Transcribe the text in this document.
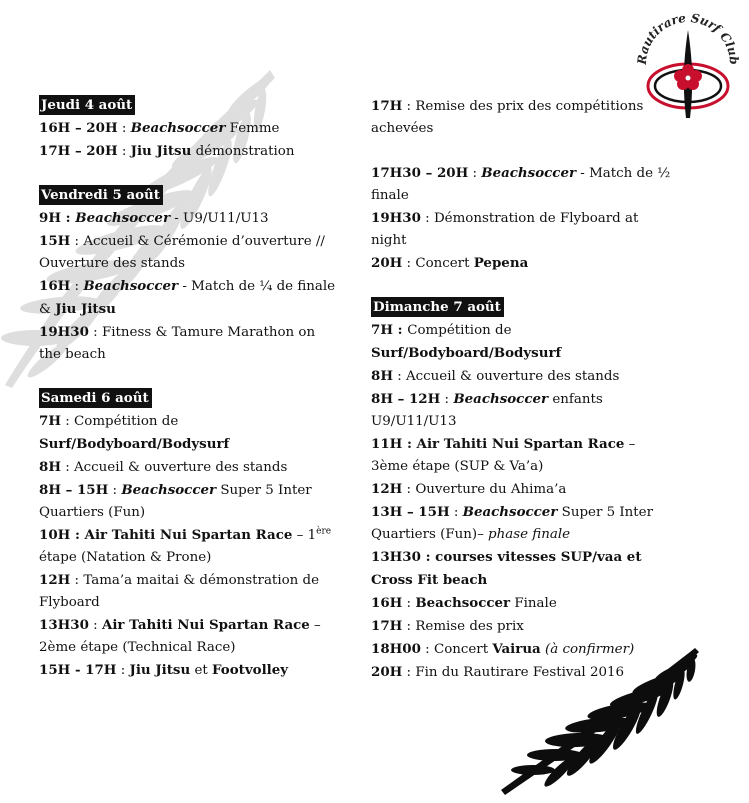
Rautirare Surf Club
Jeudi 4 août

16H – 20H : Beachsoccer Femme
17H – 20H : Jiu Jitsu démonstration
Vendredi 5 août

9H : Beachsoccer - U9/U11/U13
15H : Accueil & Cérémonie d’ouverture // Ouverture des stands
16H : Beachsoccer - Match de ¼ de finale & Jiu Jitsu
19H30 : Fitness & Tamure Marathon on the beach
Samedi 6 août

7H : Compétition de Surf/Bodyboard/Bodysurf
8H : Accueil & ouverture des stands
8H – 15H : Beachsoccer Super 5 Inter Quartiers (Fun)
10H : Air Tahiti Nui Spartan Race – 1ère étape (Natation & Prone)
12H : Tama’a maitai & démonstration de Flyboard
13H30 : Air Tahiti Nui Spartan Race – 2ème étape (Technical Race)
15H - 17H : Jiu Jitsu et Footvolley
17H : Remise des prix des compétitions achevées
17H30 – 20H : Beachsoccer - Match de ½ finale
19H30 : Démonstration de Flyboard at night
20H : Concert Pepena
Dimanche 7 août

7H : Compétition de Surf/Bodyboard/Bodysurf
8H : Accueil & ouverture des stands
8H – 12H : Beachsoccer enfants U9/U11/U13
11H : Air Tahiti Nui Spartan Race – 3ème étape (SUP & Va’a)
12H : Ouverture du Ahima’a
13H – 15H : Beachsoccer Super 5 Inter Quartiers (Fun)– phase finale
13H30 : courses vitesses SUP/vaa et Cross Fit beach
16H : Beachsoccer Finale
17H : Remise des prix
18H00 : Concert Vairua (à confirmer)
20H : Fin du Rautirare Festival 2016
